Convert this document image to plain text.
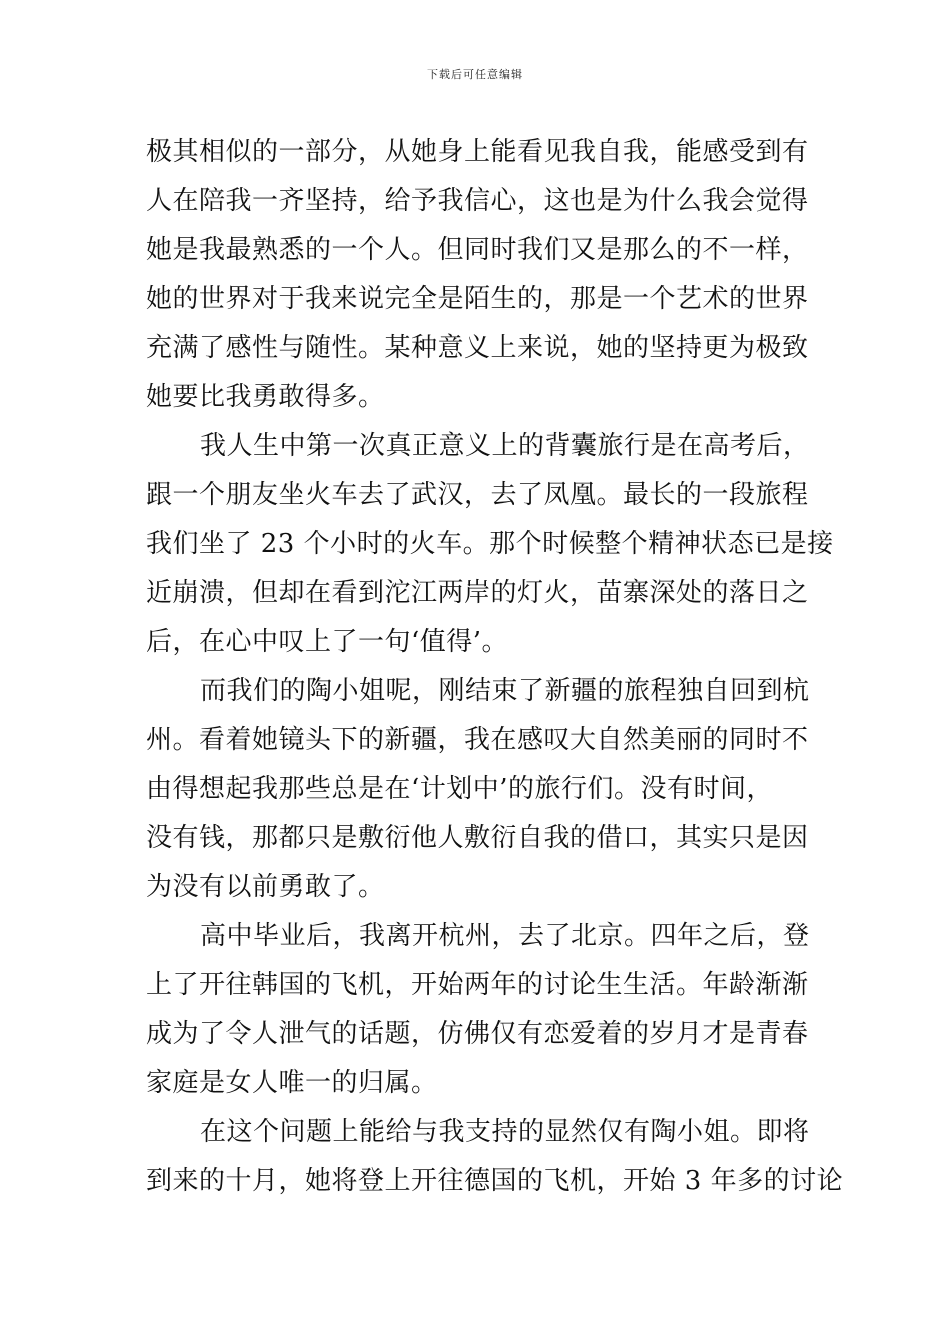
下载后可任意编辑
极其相似的一部分，从她身上能看见我自我，能感受到有
人在陪我一齐坚持，给予我信心，这也是为什么我会觉得
她是我最熟悉的一个人。但同时我们又是那么的不一样，
她的世界对于我来说完全是陌生的，那是一个艺术的世界
充满了感性与随性。某种意义上来说，她的坚持更为极致
她要比我勇敢得多。
我人生中第一次真正意义上的背囊旅行是在高考后，
跟一个朋友坐火车去了武汉，去了凤凰。最长的一段旅程
我们坐了 23 个小时的火车。那个时候整个精神状态已是接
近崩溃，但却在看到沱江两岸的灯火，苗寨深处的落日之
后，在心中叹上了一句‘值得’。
而我们的陶小姐呢，刚结束了新疆的旅程独自回到杭
州。看着她镜头下的新疆，我在感叹大自然美丽的同时不
由得想起我那些总是在‘计划中’的旅行们。没有时间，
没有钱，那都只是敷衍他人敷衍自我的借口，其实只是因
为没有以前勇敢了。
高中毕业后，我离开杭州，去了北京。四年之后，登
上了开往韩国的飞机，开始两年的讨论生生活。年龄渐渐
成为了令人泄气的话题，仿佛仅有恋爱着的岁月才是青春
家庭是女人唯一的归属。
在这个问题上能给与我支持的显然仅有陶小姐。即将
到来的十月，她将登上开往德国的飞机，开始 3 年多的讨论
